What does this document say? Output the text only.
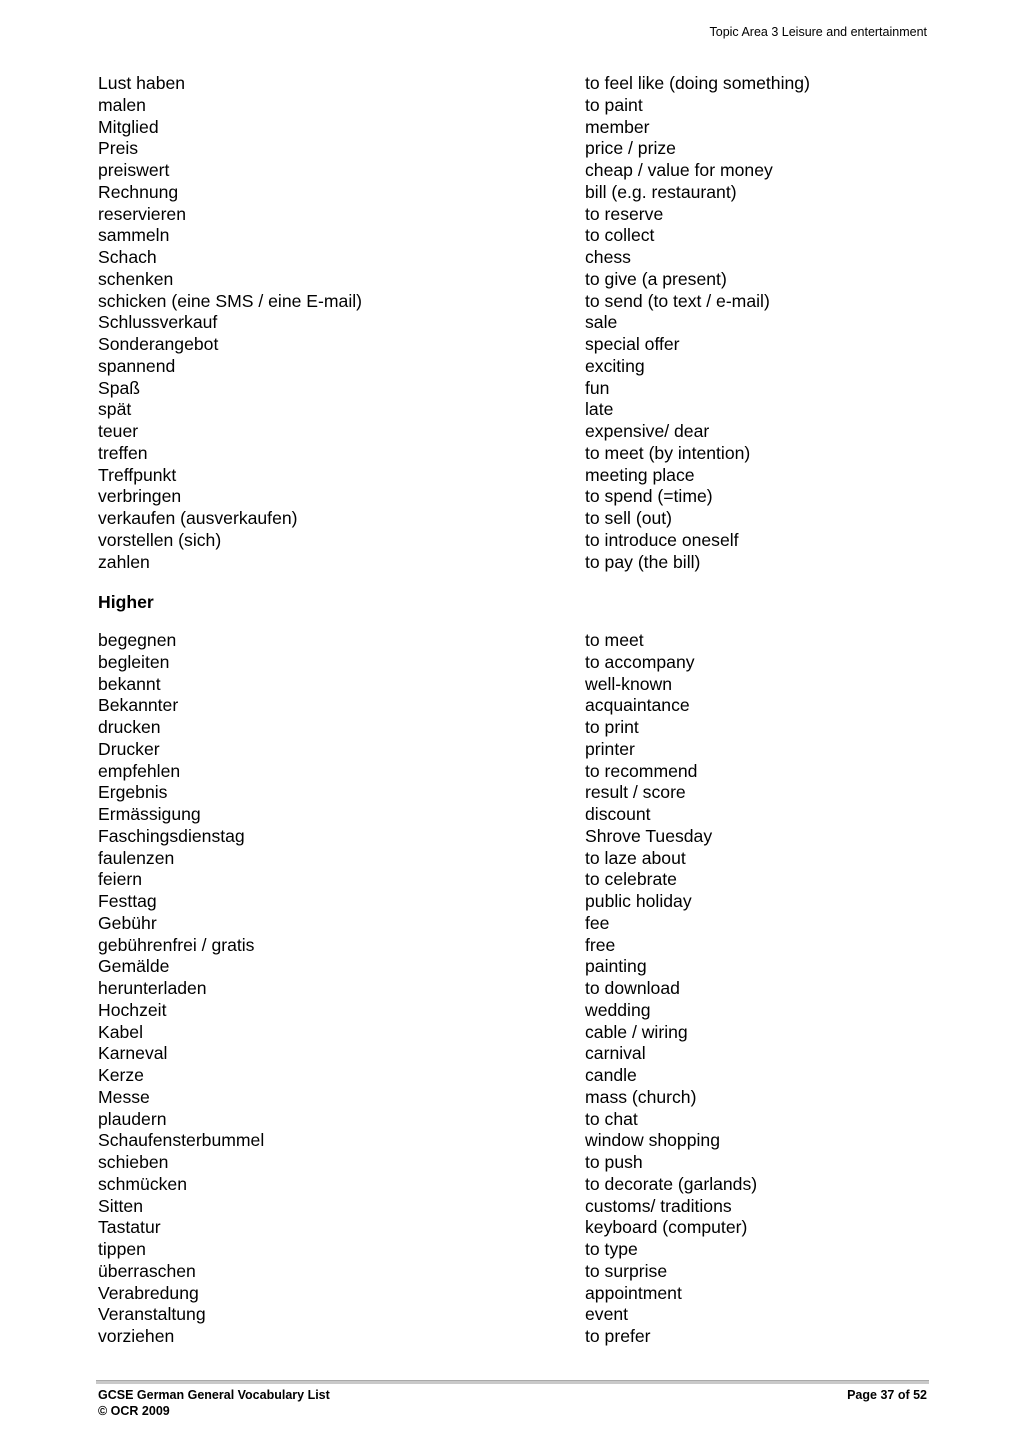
Topic Area 3 Leisure and entertainment
Lust haben	to feel like (doing something)
malen	to paint
Mitglied	member
Preis	price / prize
preiswert	cheap / value for money
Rechnung	bill (e.g. restaurant)
reservieren	to reserve
sammeln	to collect
Schach	chess
schenken	to give (a present)
schicken (eine SMS / eine E-mail)	to send (to text / e-mail)
Schlussverkauf	sale
Sonderangebot	special offer
spannend	exciting
Spaß	fun
spät	late
teuer	expensive/ dear
treffen	to meet (by intention)
Treffpunkt	meeting place
verbringen	to spend (=time)
verkaufen (ausverkaufen)	to sell (out)
vorstellen (sich)	to introduce oneself
zahlen	to pay (the bill)
Higher
begegnen	to meet
begleiten	to accompany
bekannt	well-known
Bekannter	acquaintance
drucken	to print
Drucker	printer
empfehlen	to recommend
Ergebnis	result / score
Ermässigung	discount
Faschingsdienstag	Shrove Tuesday
faulenzen	to laze about
feiern	to celebrate
Festtag	public holiday
Gebühr	fee
gebührenfrei / gratis	free
Gemälde	painting
herunterladen	to download
Hochzeit	wedding
Kabel	cable / wiring
Karneval	carnival
Kerze	candle
Messe	mass (church)
plaudern	to chat
Schaufensterbummel	window shopping
schieben	to push
schmücken	to decorate (garlands)
Sitten	customs/ traditions
Tastatur	keyboard (computer)
tippen	to type
überraschen	to surprise
Verabredung	appointment
Veranstaltung	event
vorziehen	to prefer
GCSE German General Vocabulary List
© OCR 2009
Page 37 of 52
